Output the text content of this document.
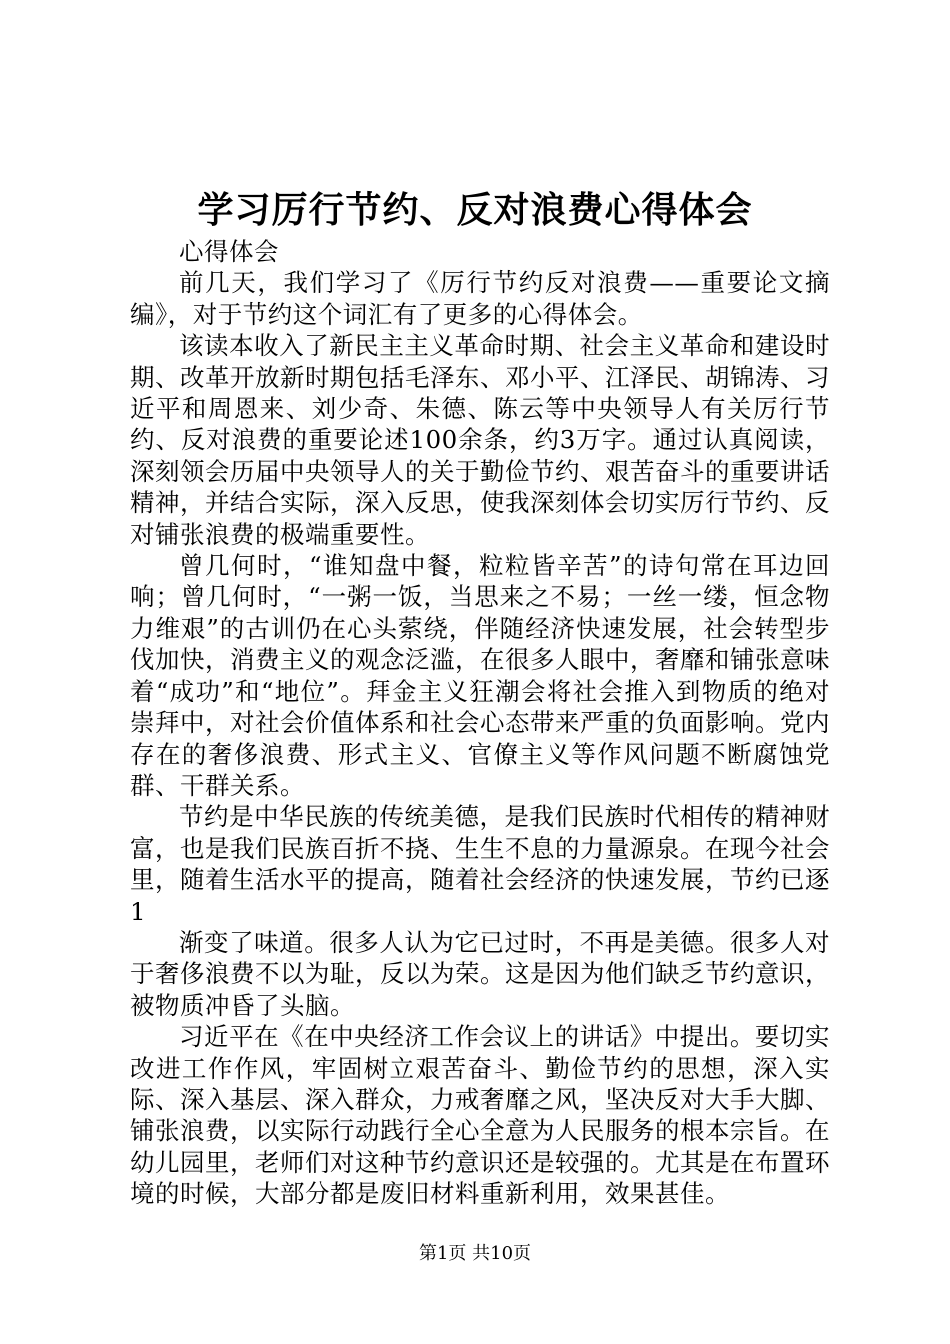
学习厉行节约、反对浪费心得体会

心得体会

前几天，我们学习了《厉行节约反对浪费——重要论文摘编》，对于节约这个词汇有了更多的心得体会。

该读本收入了新民主主义革命时期、社会主义革命和建设时期、改革开放新时期包括毛泽东、邓小平、江泽民、胡锦涛、习近平和周恩来、刘少奇、朱德、陈云等中央领导人有关厉行节约、反对浪费的重要论述100余条，约3万字。通过认真阅读，深刻领会历届中央领导人的关于勤俭节约、艰苦奋斗的重要讲话精神，并结合实际，深入反思，使我深刻体会切实厉行节约、反对铺张浪费的极端重要性。

曾几何时，“谁知盘中餐，粒粒皆辛苦”的诗句常在耳边回响；曾几何时，“一粥一饭，当思来之不易；一丝一缕，恒念物力维艰”的古训仍在心头萦绕，伴随经济快速发展，社会转型步伐加快，消费主义的观念泛滥，在很多人眼中，奢靡和铺张意味着“成功”和“地位”。拜金主义狂潮会将社会推入到物质的绝对崇拜中，对社会价值体系和社会心态带来严重的负面影响。党内存在的奢侈浪费、形式主义、官僚主义等作风问题不断腐蚀党群、干群关系。

节约是中华民族的传统美德，是我们民族时代相传的精神财富，也是我们民族百折不挠、生生不息的力量源泉。在现今社会里，随着生活水平的提高，随着社会经济的快速发展，节约已逐1

渐变了味道。很多人认为它已过时，不再是美德。很多人对于奢侈浪费不以为耻，反以为荣。这是因为他们缺乏节约意识，被物质冲昏了头脑。

习近平在《在中央经济工作会议上的讲话》中提出。要切实改进工作作风，牢固树立艰苦奋斗、勤俭节约的思想，深入实际、深入基层、深入群众，力戒奢靡之风，坚决反对大手大脚、铺张浪费，以实际行动践行全心全意为人民服务的根本宗旨。在幼儿园里，老师们对这种节约意识还是较强的。尤其是在布置环境的时候，大部分都是废旧材料重新利用，效果甚佳。

第1页 共10页
